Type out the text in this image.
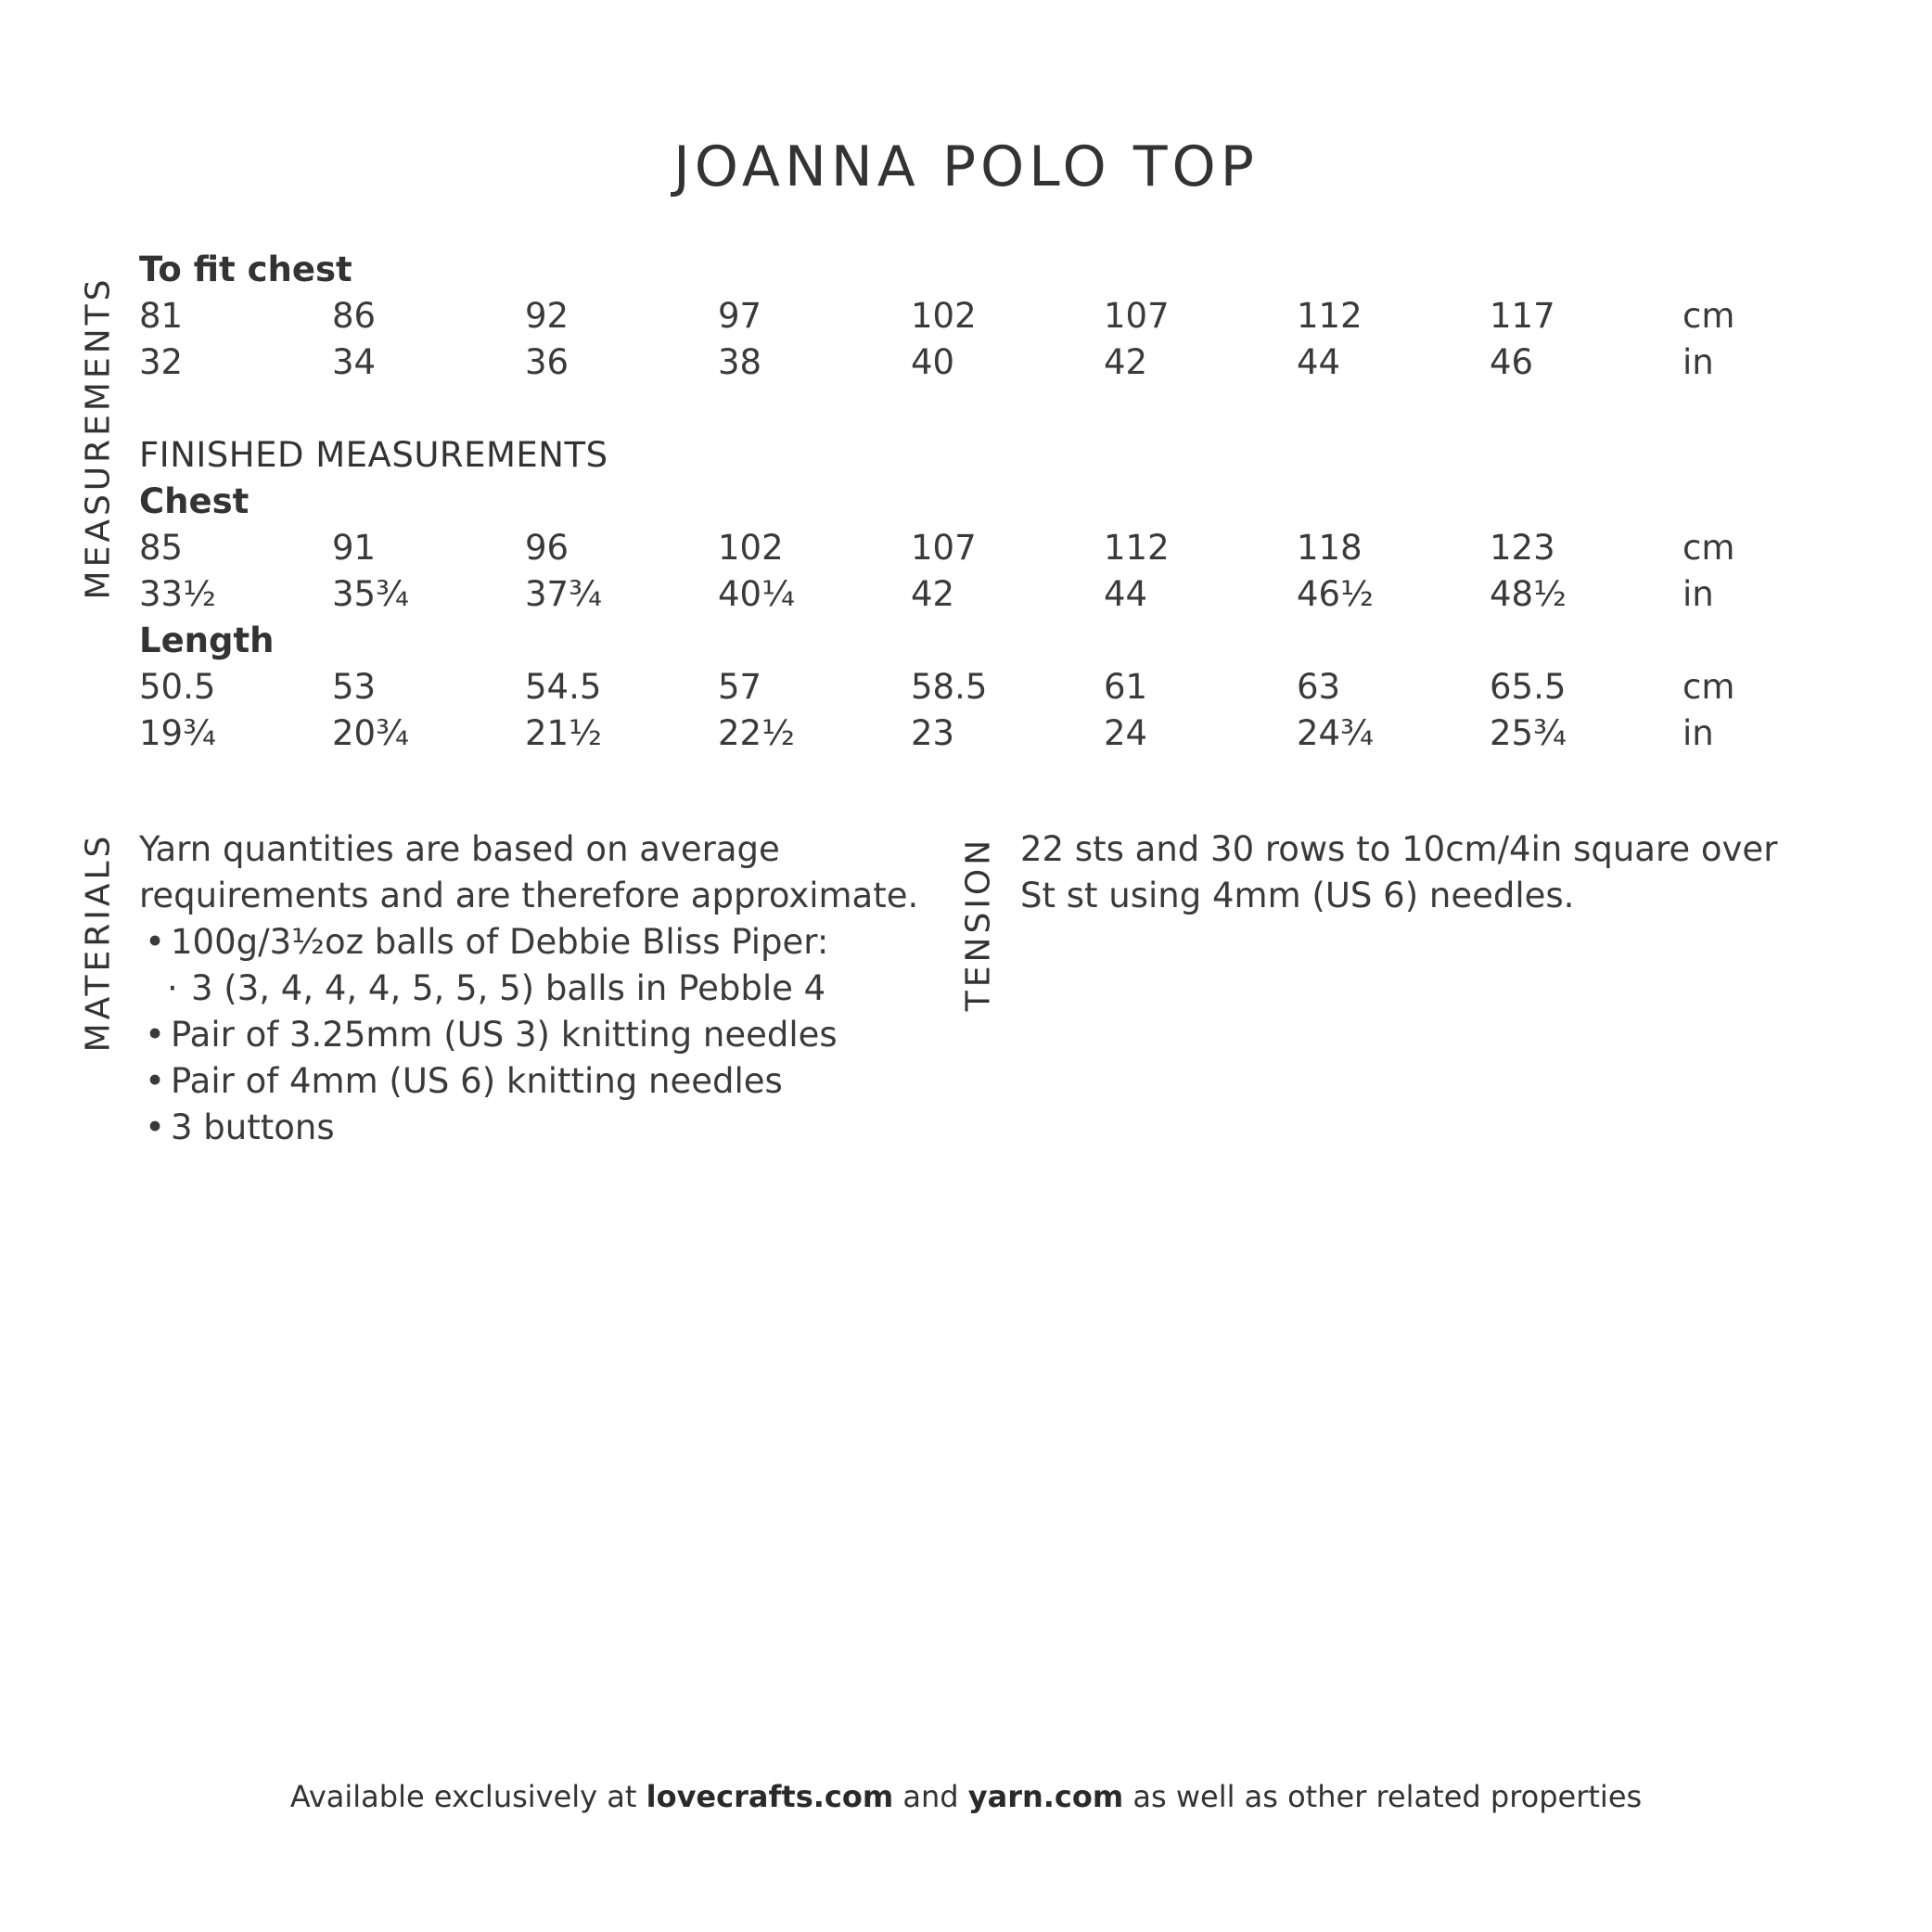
JOANNA POLO TOP
MEASUREMENTS
To fit chest
81	86	92	97	102	107	112	117	cm
32	34	36	38	40	42	44	46	in
FINISHED MEASUREMENTS
Chest
85	91	96	102	107	112	118	123	cm
33½	35¾	37¾	40¼	42	44	46½	48½	in
Length
50.5	53	54.5	57	58.5	61	63	65.5	cm
19¾	20¾	21½	22½	23	24	24¾	25¾	in
MATERIALS Yarn quantities are based on average
requirements and are therefore approximate.
• 100g/3½oz balls of Debbie Bliss Piper:
· 3 (3, 4, 4, 4, 5, 5, 5) balls in Pebble 4
• Pair of 3.25mm (US 3) knitting needles
• Pair of 4mm (US 6) knitting needles
• 3 buttons
TENSION 22 sts and 30 rows to 10cm/4in square over
St st using 4mm (US 6) needles.
Available exclusively at lovecrafts.com and yarn.com as well as other related properties
